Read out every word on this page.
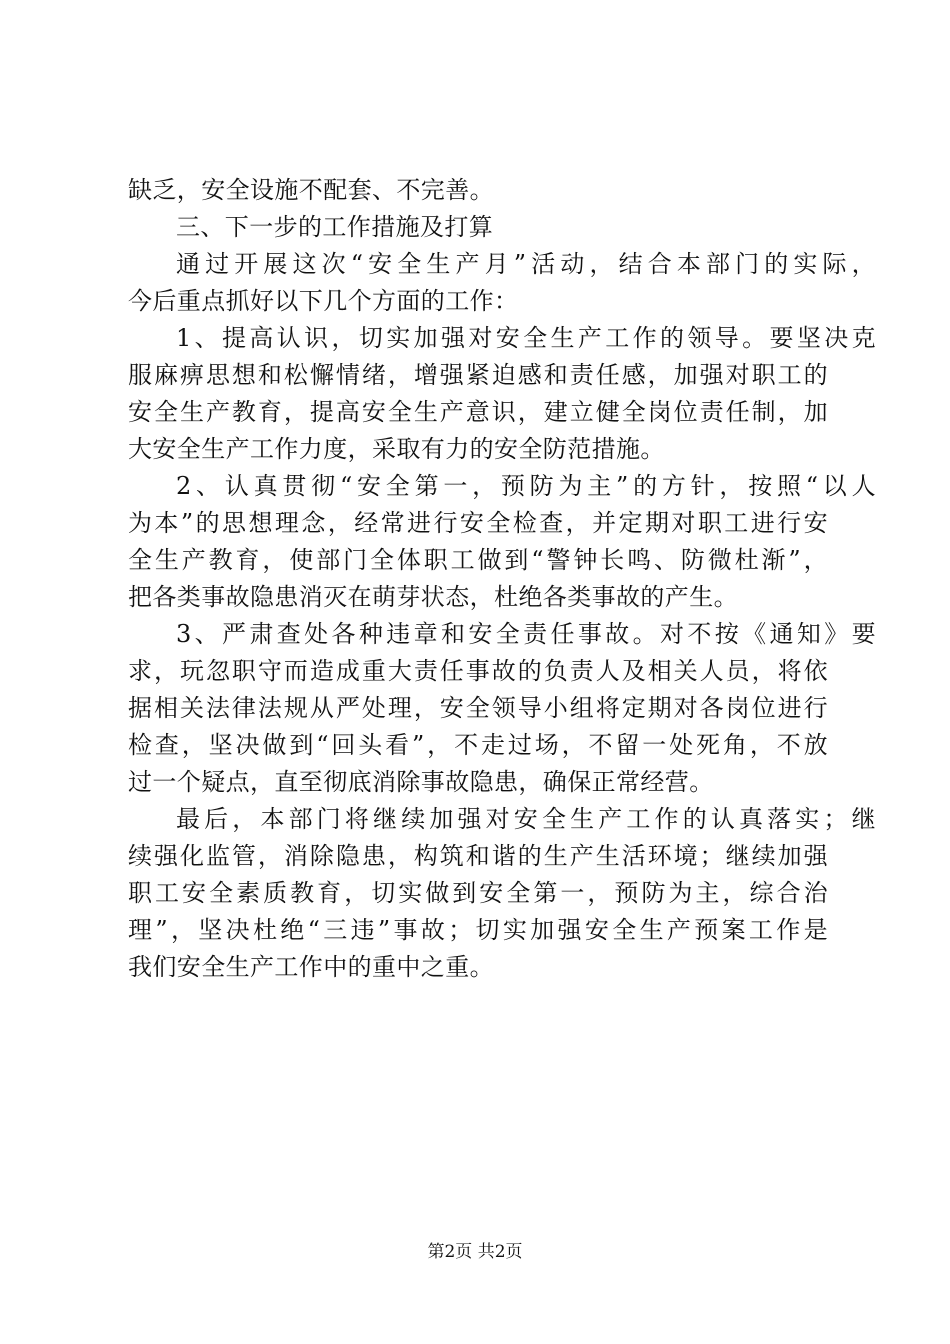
缺乏，安全设施不配套、不完善。
三、下一步的工作措施及打算
通过开展这次“安全生产月”活动，结合本部门的实际，
今后重点抓好以下几个方面的工作：
1、提高认识，切实加强对安全生产工作的领导。要坚决克
服麻痹思想和松懈情绪，增强紧迫感和责任感，加强对职工的
安全生产教育，提高安全生产意识，建立健全岗位责任制，加
大安全生产工作力度，采取有力的安全防范措施。
2、认真贯彻“安全第一，预防为主”的方针，按照“以人
为本”的思想理念，经常进行安全检查，并定期对职工进行安
全生产教育，使部门全体职工做到“警钟长鸣、防微杜渐”，
把各类事故隐患消灭在萌芽状态，杜绝各类事故的产生。
3、严肃查处各种违章和安全责任事故。对不按《通知》要
求，玩忽职守而造成重大责任事故的负责人及相关人员，将依
据相关法律法规从严处理，安全领导小组将定期对各岗位进行
检查，坚决做到“回头看”，不走过场，不留一处死角，不放
过一个疑点，直至彻底消除事故隐患，确保正常经营。
最后，本部门将继续加强对安全生产工作的认真落实；继
续强化监管，消除隐患，构筑和谐的生产生活环境；继续加强
职工安全素质教育，切实做到安全第一，预防为主，综合治
理”，坚决杜绝“三违”事故；切实加强安全生产预案工作是
我们安全生产工作中的重中之重。
第2页 共2页
